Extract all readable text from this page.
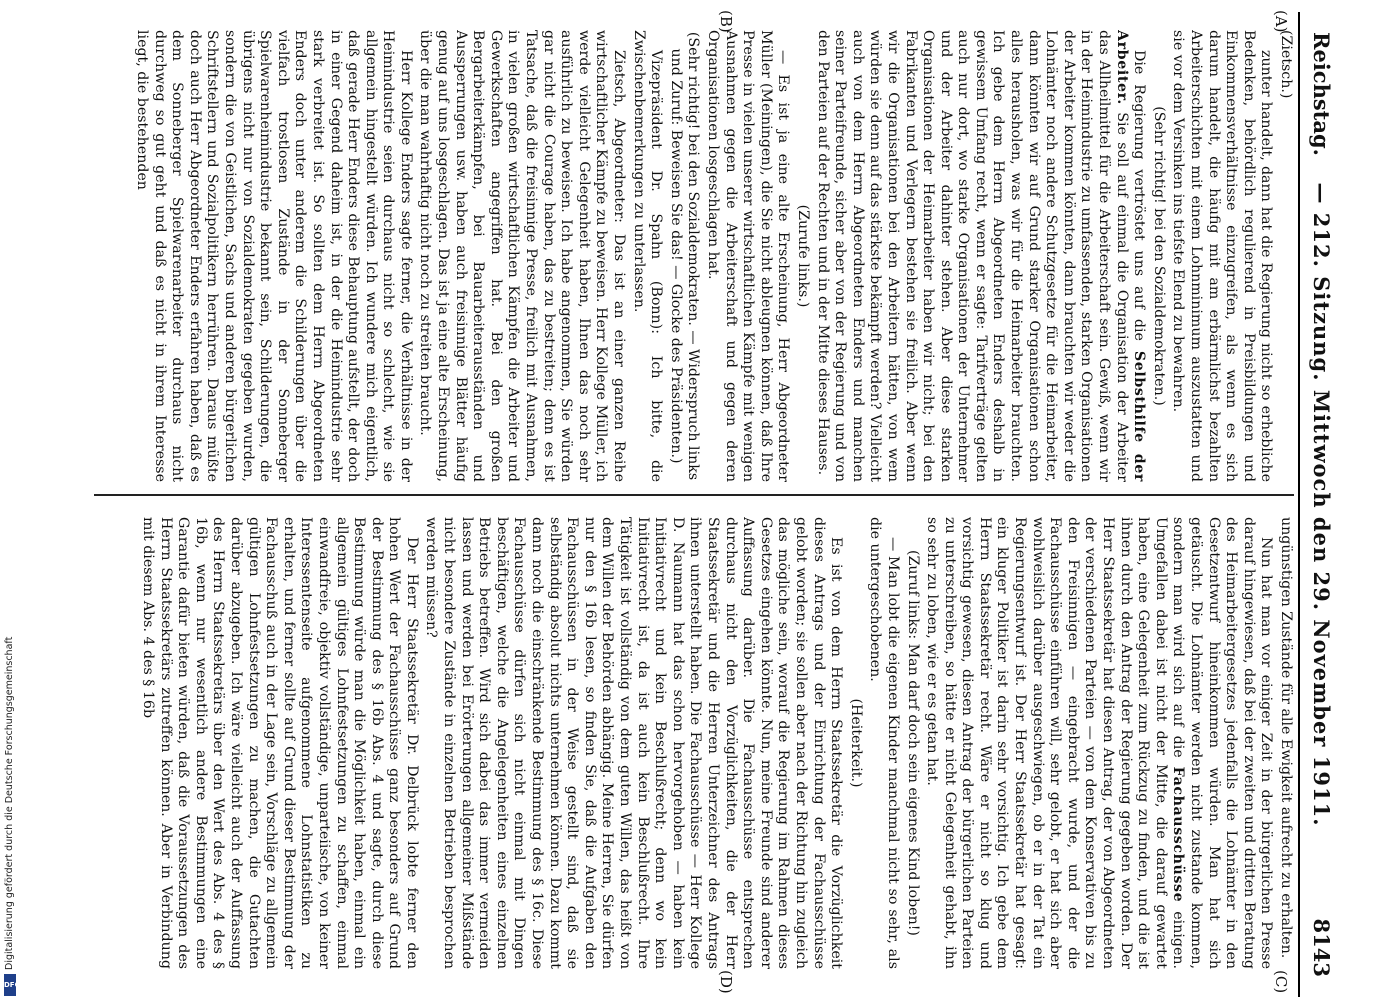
Reichstag.
— 212. Sitzung. Mittwoch den 29. November 1911.
8143
(A)
(B)
(C)
(D)

(Zietsch.)

zunter handelt, dann hat die Regierung nicht so erhebliche Bedenken, behördlich regulierend in Preisbildungen und Einkommensverhältnisse einzugreifen, als wenn es sich darum handelt, die häufig mit am erbärmlichst bezahlten Arbeiterschichten mit einem Lohnminimum auszustatten und sie vor dem Versinken ins tiefste Elend zu bewahren.

(Sehr richtig! bei den Sozialdemokraten.)

Die Regierung vertröstet uns auf die Selbsthilfe der Arbeiter. Sie soll auf einmal die Organisation der Arbeiter das Allheilmittel für die Arbeiterschaft sein. Gewiß, wenn wir in der Heimindustrie zu umfassenden, starken Organisationen der Arbeiter kommen könnten, dann brauchten wir weder die Lohnämter noch andere Schutzgesetze für die Heimarbeiter, dann könnten wir auf Grund starker Organisationen schon alles herausholen, was wir für die Heimarbeiter brauchten. Ich gebe dem Herrn Abgeordneten Enders deshalb in gewissem Umfang recht, wenn er sagte: Tarifverträge gelten auch nur dort, wo starke Organisationen der Unternehmer und der Arbeiter dahinter stehen. Aber diese starken Organisationen der Heimarbeiter haben wir nicht; bei den Fabrikanten und Verlegern bestehen sie freilich. Aber wenn wir die Organisationen bei den Arbeitern hätten, von wem würden sie denn auf das stärkste bekämpft werden? Vielleicht auch von dem Herrn Abgeordneten Enders und manchen seiner Parteifreunde, sicher aber von der Regierung und von den Parteien auf der Rechten und in der Mitte dieses Hauses.

(Zurufe links.)

— Es ist ja eine alte Erscheinung, Herr Abgeordneter Müller (Meiningen), die Sie nicht ableugnen können, daß Ihre Presse in vielen unserer wirtschaftlichen Kämpfe mit wenigen Ausnahmen gegen die Arbeiterschaft und gegen deren Organisationen losgeschlagen hat.

(Sehr richtig! bei den Sozialdemokraten. — Widerspruch links und Zuruf: Beweisen Sie das! — Glocke des Präsidenten.)

Vizepräsident Dr. Spahn (Bonn): Ich bitte, die Zwischenbemerkungen zu unterlassen.

Zietsch, Abgeordneter: Das ist an einer ganzen Reihe wirtschaftlicher Kämpfe zu beweisen. Herr Kollege Müller, ich werde vielleicht Gelegenheit haben, Ihnen das noch sehr ausführlich zu beweisen. Ich habe angenommen, Sie würden gar nicht die Courage haben, das zu bestreiten; denn es ist Tatsache, daß die freisinnige Presse, freilich mit Ausnahmen, in vielen großen wirtschaftlichen Kämpfen die Arbeiter und Gewerkschaften angegriffen hat. Bei den großen Bergarbeiterkämpfen, bei Bauarbeiterausständen und Aussperrungen usw. haben auch freisinnige Blätter häufig genug auf uns losgeschlagen. Das ist ja eine alte Erscheinung, über die man wahrhaftig nicht noch zu streiten braucht.

Herr Kollege Enders sagte ferner, die Verhältnisse in der Heimindustrie seien durchaus nicht so schlecht, wie sie allgemein hingestellt würden. Ich wundere mich eigentlich, daß gerade Herr Enders diese Behauptung aufstellt, der doch in einer Gegend daheim ist, in der die Heimindustrie sehr stark verbreitet ist. So sollten dem Herrn Abgeordneten Enders doch unter anderem die Schilderungen über die vielfach trostlosen Zustände in der Sonneberger Spielwarenheimindustrie bekannt sein, Schilderungen, die übrigens nicht nur von Sozialdemokraten gegeben wurden, sondern die von Geistlichen, Sachs und anderen bürgerlichen Schriftstellern und Sozialpolitikern herrühren. Daraus müßte doch auch Herr Abgeordneter Enders erfahren haben, daß es dem Sonneberger Spielwarenarbeiter durchaus nicht durchweg so gut geht und daß es nicht in ihrem Interesse liegt, die bestehenden

ungünstigen Zustände für alle Ewigkeit aufrecht zu erhalten.

Nun hat man vor einiger Zeit in der bürgerlichen Presse darauf hingewiesen, daß bei der zweiten und dritten Beratung des Heimarbeitergesetzes jedenfalls die Lohnämter in den Gesetzentwurf hineinkommen würden. Man hat sich getäuscht. Die Lohnämter werden nicht zustande kommen, sondern man wird sich auf die Fachausschüsse einigen. Umgefallen dabei ist nicht der Mitte, die darauf gewartet haben, eine Gelegenheit zum Rückzug zu finden, und die ist ihnen durch den Antrag der Regierung gegeben worden. Der Herr Staatssekretär hat diesen Antrag, der von Abgeordneten der verschiedenen Parteien — von dem Konservativen bis zu den Freisinnigen — eingebracht wurde, und der die Fachausschüsse einführen will, sehr gelobt, er hat sich aber wohlweislich darüber ausgeschwiegen, ob er in der Tat ein Regierungsentwurf ist. Der Herr Staatssekretär hat gesagt: ein kluger Politiker ist darin sehr vorsichtig. Ich gebe dem Herrn Staatssekretär recht. Wäre er nicht so klug und vorsichtig gewesen, diesen Antrag der bürgerlichen Parteien zu unterschreiben, so hätte er nicht Gelegenheit gehabt, ihn so sehr zu loben, wie er es getan hat.

(Zuruf links: Man darf doch sein eigenes Kind loben!)

— Man lobt die eigenen Kinder manchmal nicht so sehr, als die untergeschobenen.

(Heiterkeit.)

Es ist von dem Herrn Staatssekretär die Vorzüglichkeit dieses Antrags und der Einrichtung der Fachausschüsse gelobt worden; sie sollen aber nach der Richtung hin zugleich das mögliche sein, worauf die Regierung im Rahmen dieses Gesetzes eingehen könnte. Nun, meine Freunde sind anderer Auffassung darüber. Die Fachausschüsse entsprechen durchaus nicht den Vorzüglichkeiten, die der Herr Staatssekretär und die Herren Unterzeichner des Antrags ihnen unterstellt haben. Die Fachausschüsse — Herr Kollege D. Naumann hat das schon hervorgehoben — haben kein Initiativrecht und kein Beschlußrecht; denn wo kein Initiativrecht ist, da ist auch kein Beschlußrecht. Ihre Tätigkeit ist vollständig von dem guten Willen, das heißt von dem Willen der Behörden abhängig. Meine Herren, Sie dürfen nur den § 16b lesen, so finden Sie, daß die Aufgaben den Fachausschüssen in der Weise gestellt sind, daß sie selbständig absolut nichts unternehmen können. Dazu kommt dann noch die einschränkende Bestimmung des § 16c. Diese Fachausschüsse dürfen sich nicht einmal mit Dingen beschäftigen, welche die Angelegenheiten eines einzelnen Betriebs betreffen. Wird sich dabei das immer vermeiden lassen und werden bei Erörterungen allgemeiner Mißstände nicht besondere Zustände in einzelnen Betrieben besprochen werden müssen?

Der Herr Staatssekretär Dr. Delbrück lobte ferner den hohen Wert der Fachausschüsse ganz besonders auf Grund der Bestimmung des § 16b Abs. 4 und sagte, durch diese Bestimmung würde man die Möglichkeit haben, einmal ein allgemein gültiges Lohnfestsetzungen zu schaffen, einmal einwandfreie, objektiv vollständige, unparteiische, von keiner Interessentenseite aufgenommene Lohnstatistiken zu erhalten, und ferner sollte auf Grund dieser Bestimmung der Fachausschuß auch in der Lage sein, Vorschläge zu allgemein gültigen Lohnfestsetzungen zu machen, die Gutachten darüber abzugeben. Ich wäre vielleicht auch der Auffassung des Herrn Staatssekretärs über den Wert des Abs. 4 des § 16b, wenn nur wesentlich andere Bestimmungen eine Garantie dafür bieten würden, daß die Voraussetzungen des Herrn Staatssekretärs zutreffen können. Aber in Verbindung mit diesem Abs. 4 des § 16b

Digitalisierung gefördert durch die Deutsche Forschungsgemeinschaft
DFG
